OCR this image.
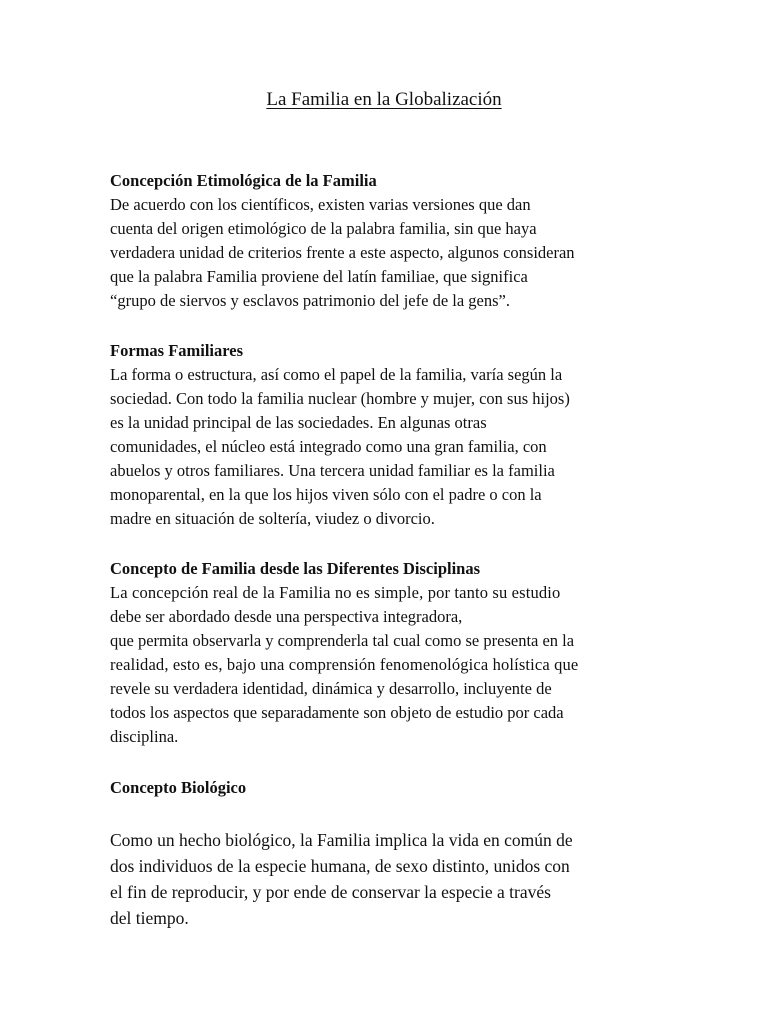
La Familia en la Globalización

Concepción Etimológica de la Familia

De acuerdo con los científicos, existen varias versiones que dan

cuenta del origen etimológico de la palabra familia, sin que haya

verdadera unidad de criterios frente a este aspecto, algunos consideran

que la palabra Familia proviene del latín familiae, que significa

“grupo de siervos y esclavos patrimonio del jefe de la gens”.

Formas Familiares

La forma o estructura, así como el papel de la familia, varía según la

sociedad. Con todo la familia nuclear (hombre y mujer, con sus hijos)

es la unidad principal de las sociedades. En algunas otras

comunidades, el núcleo está integrado como una gran familia, con

abuelos y otros familiares. Una tercera unidad familiar es la familia

monoparental, en la que los hijos viven sólo con el padre o con la

madre en situación de soltería, viudez o divorcio.

Concepto de Familia desde las Diferentes Disciplinas

La concepción real de la Familia no es simple, por tanto su estudio

debe ser abordado desde una perspectiva integradora,

que permita observarla y comprenderla tal cual como se presenta en la

realidad, esto es, bajo una comprensión fenomenológica holística que

revele su verdadera identidad, dinámica y desarrollo, incluyente de

todos los aspectos que separadamente son objeto de estudio por cada

disciplina.

Concepto Biológico

Como un hecho biológico, la Familia implica la vida en común de

dos individuos de la especie humana, de sexo distinto, unidos con

el fin de reproducir, y por ende de conservar la especie a través

del tiempo.
